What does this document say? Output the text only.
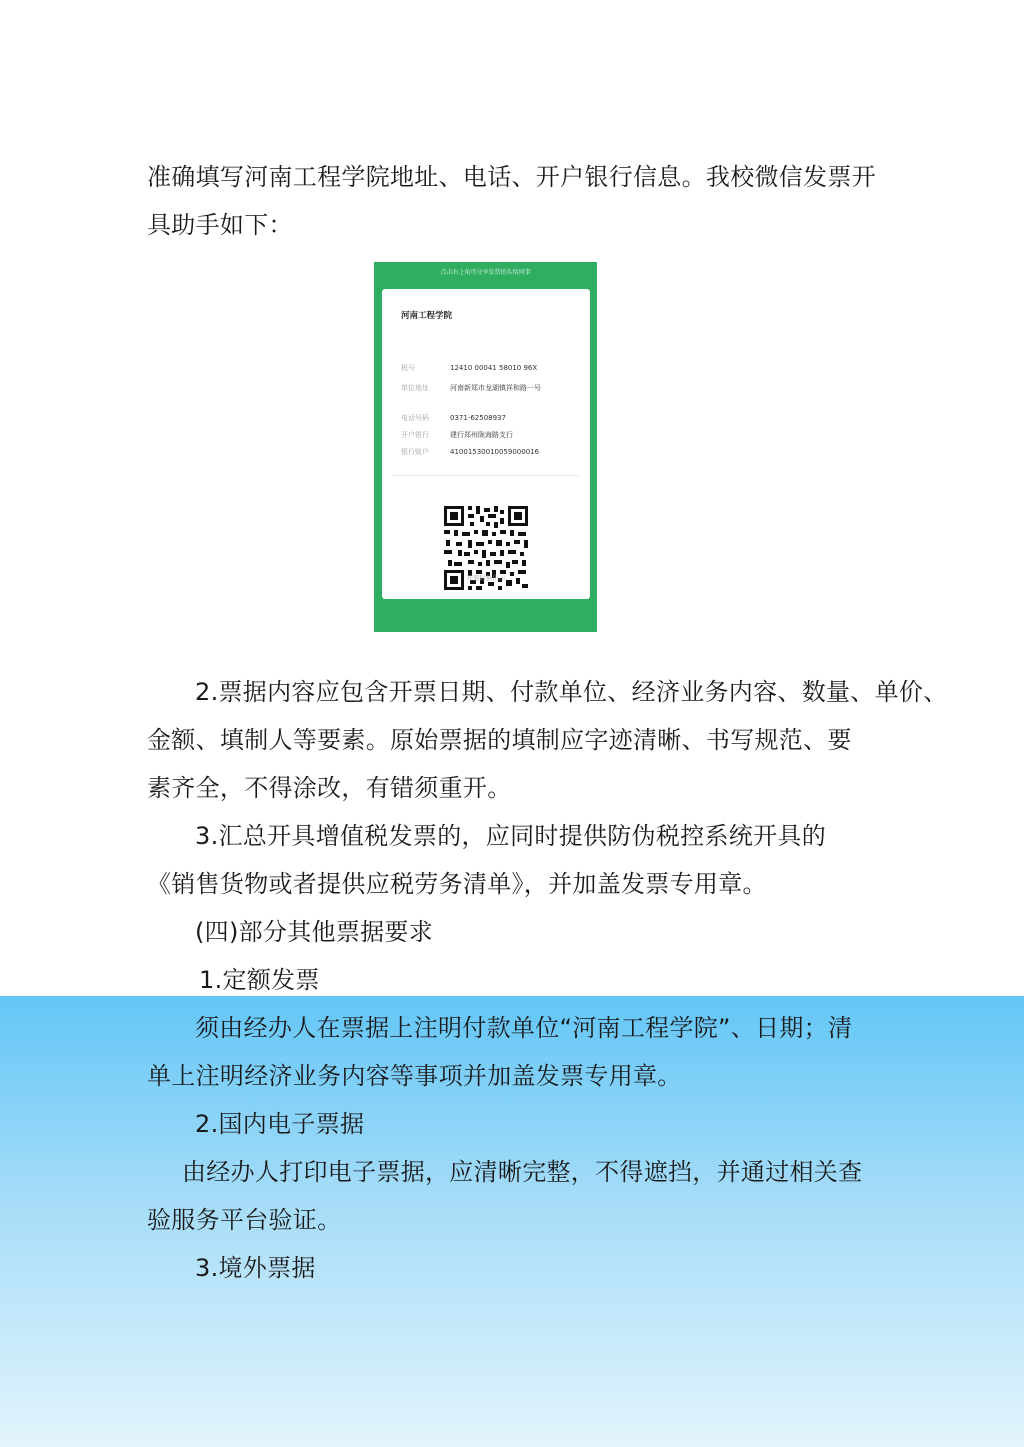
准确填写河南工程学院地址、电话、开户银行信息。我校微信发票开
具助手如下：
点击右上角可分享发票抬头给同事
河南工程学院
税号	12410 00041 58010 96X
单位地址	河南新郑市龙湖镇祥和路一号
电话号码	0371-62508937
开户银行	建行郑州陇海路支行
银行账户	41001530010059000016
开票时候出示
2.票据内容应包含开票日期、付款单位、经济业务内容、数量、单价、
金额、填制人等要素。原始票据的填制应字迹清晰、书写规范、要
素齐全，不得涂改，有错须重开。
3.汇总开具增值税发票的，应同时提供防伪税控系统开具的
《销售货物或者提供应税劳务清单》，并加盖发票专用章。
(四)部分其他票据要求
1.定额发票
须由经办人在票据上注明付款单位“河南工程学院”、日期；清
单上注明经济业务内容等事项并加盖发票专用章。
2.国内电子票据
由经办人打印电子票据，应清晰完整，不得遮挡，并通过相关查
验服务平台验证。
3.境外票据
